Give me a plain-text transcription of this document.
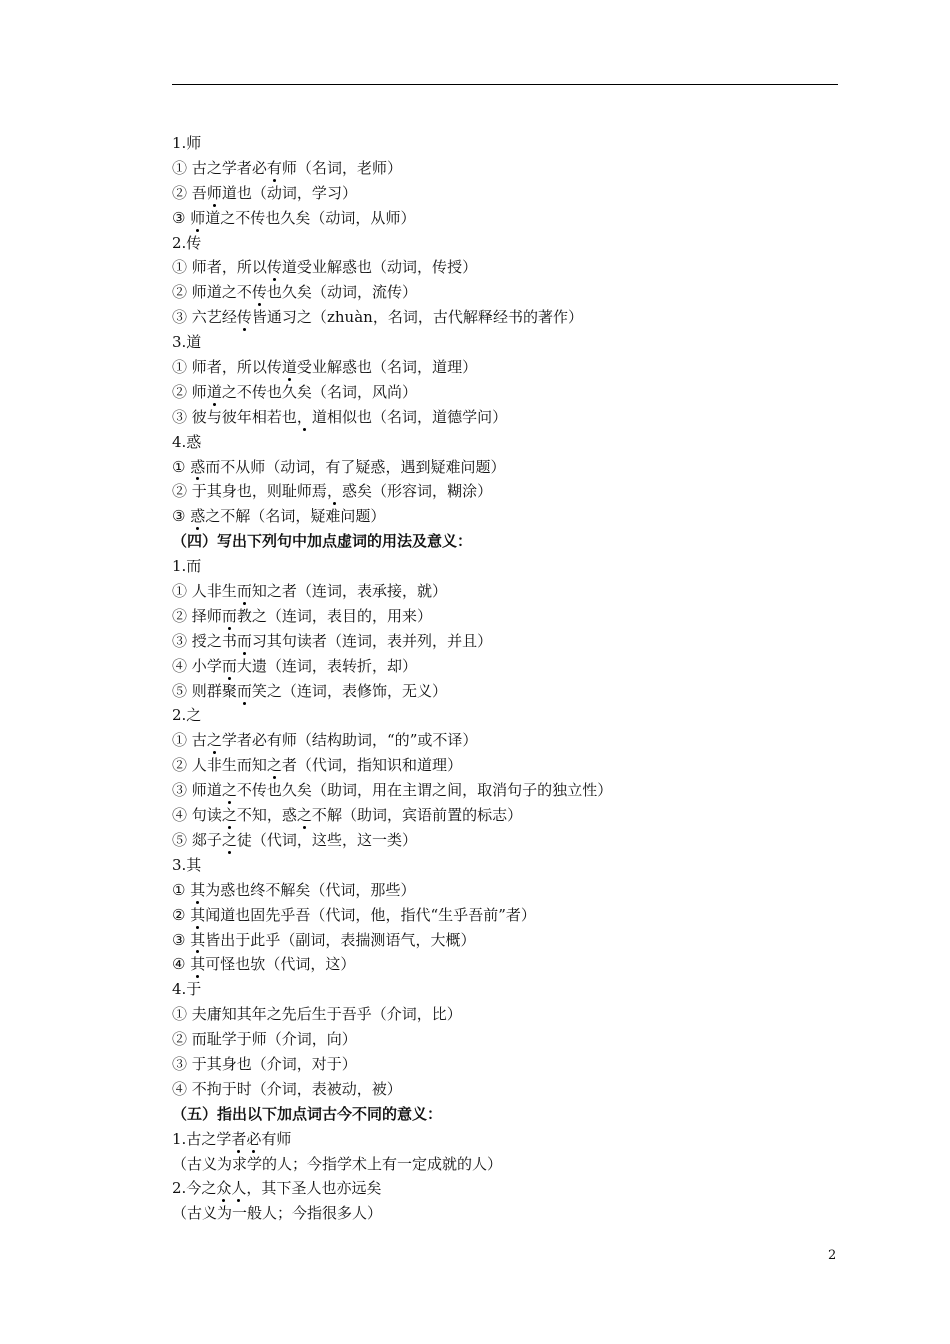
1.师
① 古之学者必有师（名词，老师）
② 吾师道也（动词，学习）
③ 师道之不传也久矣（动词，从师）
2.传
① 师者，所以传道受业解惑也（动词，传授）
② 师道之不传也久矣（动词，流传）
③ 六艺经传皆通习之（zhuàn，名词，古代解释经书的著作）
3.道
① 师者，所以传道受业解惑也（名词，道理）
② 师道之不传也久矣（名词，风尚）
③ 彼与彼年相若也，道相似也（名词，道德学问）
4.惑
① 惑而不从师（动词，有了疑惑，遇到疑难问题）
② 于其身也，则耻师焉，惑矣（形容词，糊涂）
③ 惑之不解（名词，疑难问题）
（四）写出下列句中加点虚词的用法及意义：
1.而
① 人非生而知之者（连词，表承接，就）
② 择师而教之（连词，表目的，用来）
③ 授之书而习其句读者（连词，表并列，并且）
④ 小学而大遗（连词，表转折，却）
⑤ 则群聚而笑之（连词，表修饰，无义）
2.之
① 古之学者必有师（结构助词，“的”或不译）
② 人非生而知之者（代词，指知识和道理）
③ 师道之不传也久矣（助词，用在主谓之间，取消句子的独立性）
④ 句读之不知，惑之不解（助词，宾语前置的标志）
⑤ 郯子之徒（代词，这些，这一类）
3.其
① 其为惑也终不解矣（代词，那些）
② 其闻道也固先乎吾（代词，他，指代“生乎吾前”者）
③ 其皆出于此乎（副词，表揣测语气，大概）
④ 其可怪也欤（代词，这）
4.于
① 夫庸知其年之先后生于吾乎（介词，比）
② 而耻学于师（介词，向）
③ 于其身也（介词，对于）
④ 不拘于时（介词，表被动，被）
（五）指出以下加点词古今不同的意义：
1.古之学者必有师
（古义为求学的人；今指学术上有一定成就的人）
2.今之众人，其下圣人也亦远矣
（古义为一般人；今指很多人）
2
